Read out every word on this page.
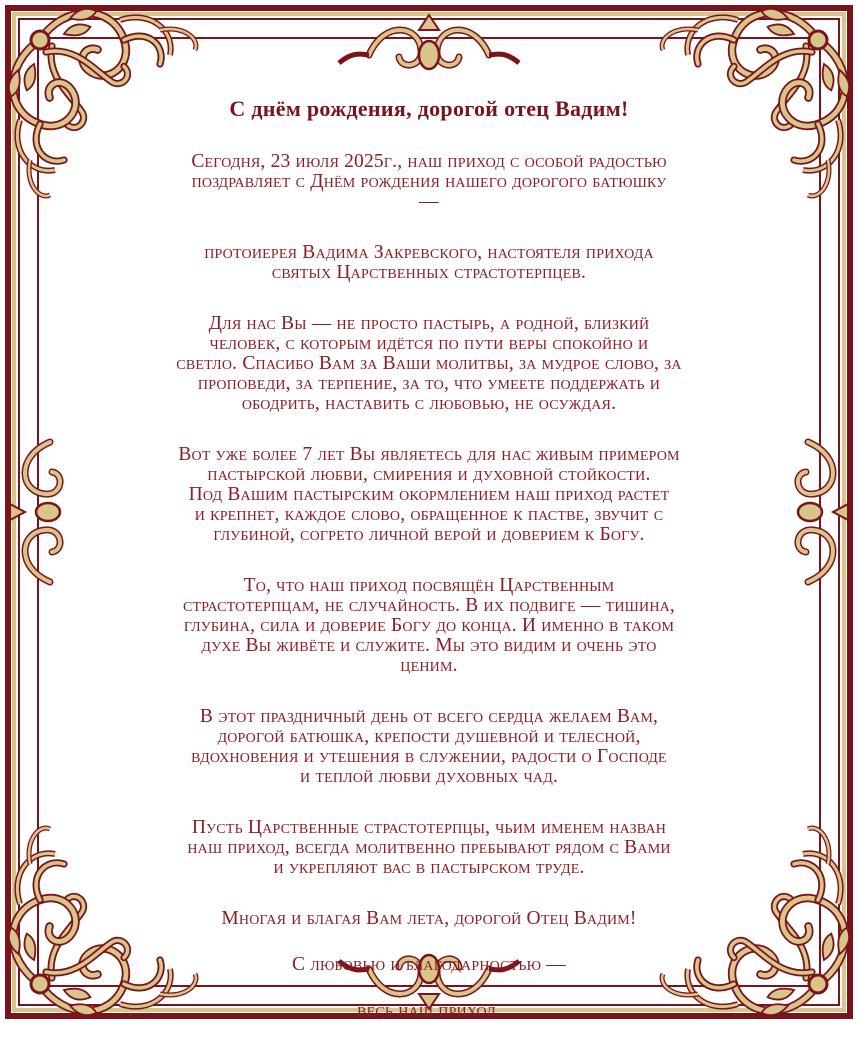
С днём рождения, дорогой отец Вадим!
Сегодня, 23 июля 2025г., наш приход с особой радостью
поздравляет с Днём рождения нашего дорогого батюшку
—
протоиерея Вадима Закревского, настоятеля прихода
святых Царственных страстотерпцев.
Для нас Вы — не просто пастырь, а родной, близкий
человек, с которым идётся по пути веры спокойно и
светло. Спасибо Вам за Ваши молитвы, за мудрое слово, за
проповеди, за терпение, за то, что умеете поддержать и
ободрить, наставить с любовью, не осуждая.
Вот уже более 7 лет Вы являетесь для нас живым примером
пастырской любви, смирения и духовной стойкости.
Под Вашим пастырским окормлением наш приход растет
и крепнет, каждое слово, обращенное к пастве, звучит с
глубиной, согрето личной верой и доверием к Богу.
То, что наш приход посвящён Царственным
страстотерпцам, не случайность. В их подвиге — тишина,
глубина, сила и доверие Богу до конца. И именно в таком
духе Вы живёте и служите. Мы это видим и очень это
ценим.
В этот праздничный день от всего сердца желаем Вам,
дорогой батюшка, крепости душевной и телесной,
вдохновения и утешения в служении, радости о Господе
и теплой любви духовных чад.
Пусть Царственные страстотерпцы, чьим именем назван
наш приход, всегда молитвенно пребывают рядом с Вами
и укрепляют вас в пастырском труде.
Многая и благая Вам лета, дорогой Отец Вадим!
С любовью и благодарностью —
весь наш приход.
